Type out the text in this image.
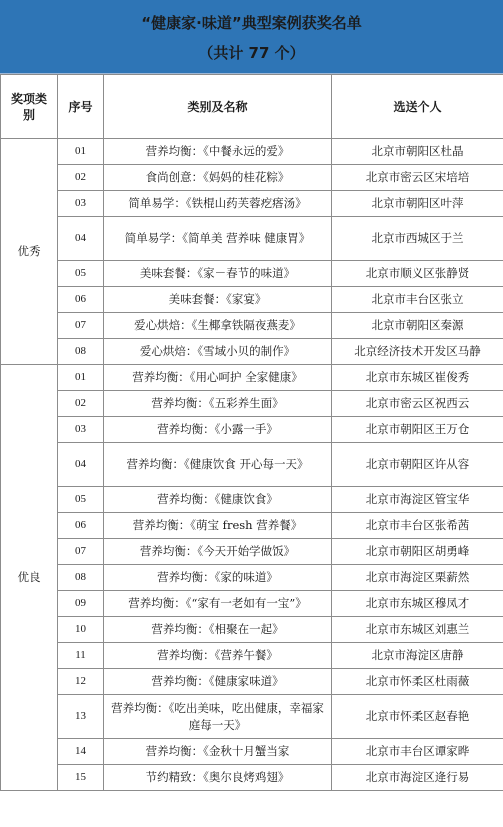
“健康家·味道”典型案例获奖名单
（共计 77 个）
奖项类别	序号	类别及名称	选送个人
优秀	01	营养均衡：《中餐永远的爱》	北京市朝阳区杜晶
	02	食尚创意：《妈妈的桂花粽》	北京市密云区宋培培
	03	简单易学：《铁棍山药芙蓉疙瘩汤》	北京市朝阳区叶萍
	04	简单易学：《简单美 营养味 健康胃》	北京市西城区于兰
	05	美味套餐：《家－春节的味道》	北京市顺义区张静贤
	06	美味套餐：《家宴》	北京市丰台区张立
	07	爱心烘焙：《生椰拿铁隔夜燕麦》	北京市朝阳区秦源
	08	爱心烘焙：《雪域小贝的制作》	北京经济技术开发区马静
优良	01	营养均衡：《用心呵护 全家健康》	北京市东城区崔俊秀
	02	营养均衡：《五彩养生面》	北京市密云区祝西云
	03	营养均衡：《小露一手》	北京市朝阳区王万仓
	04	营养均衡：《健康饮食 开心每一天》	北京市朝阳区许从容
	05	营养均衡：《健康饮食》	北京市海淀区管宝华
	06	营养均衡：《萌宝 fresh 营养餐》	北京市丰台区张希茜
	07	营养均衡：《今天开始学做饭》	北京市朝阳区胡勇峰
	08	营养均衡：《家的味道》	北京市海淀区栗薪然
	09	营养均衡：《“家有一老如有一宝”》	北京市东城区穆凤才
	10	营养均衡：《相聚在一起》	北京市东城区刘惠兰
	11	营养均衡：《营养午餐》	北京市海淀区唐静
	12	营养均衡：《健康家味道》	北京市怀柔区杜雨薇
	13	营养均衡：《吃出美味，吃出健康，幸福家庭每一天》	北京市怀柔区赵春艳
	14	营养均衡：《金秋十月蟹当家	北京市丰台区谭家晔
	15	节约精致：《奥尔良烤鸡翅》	北京市海淀区逄行易
